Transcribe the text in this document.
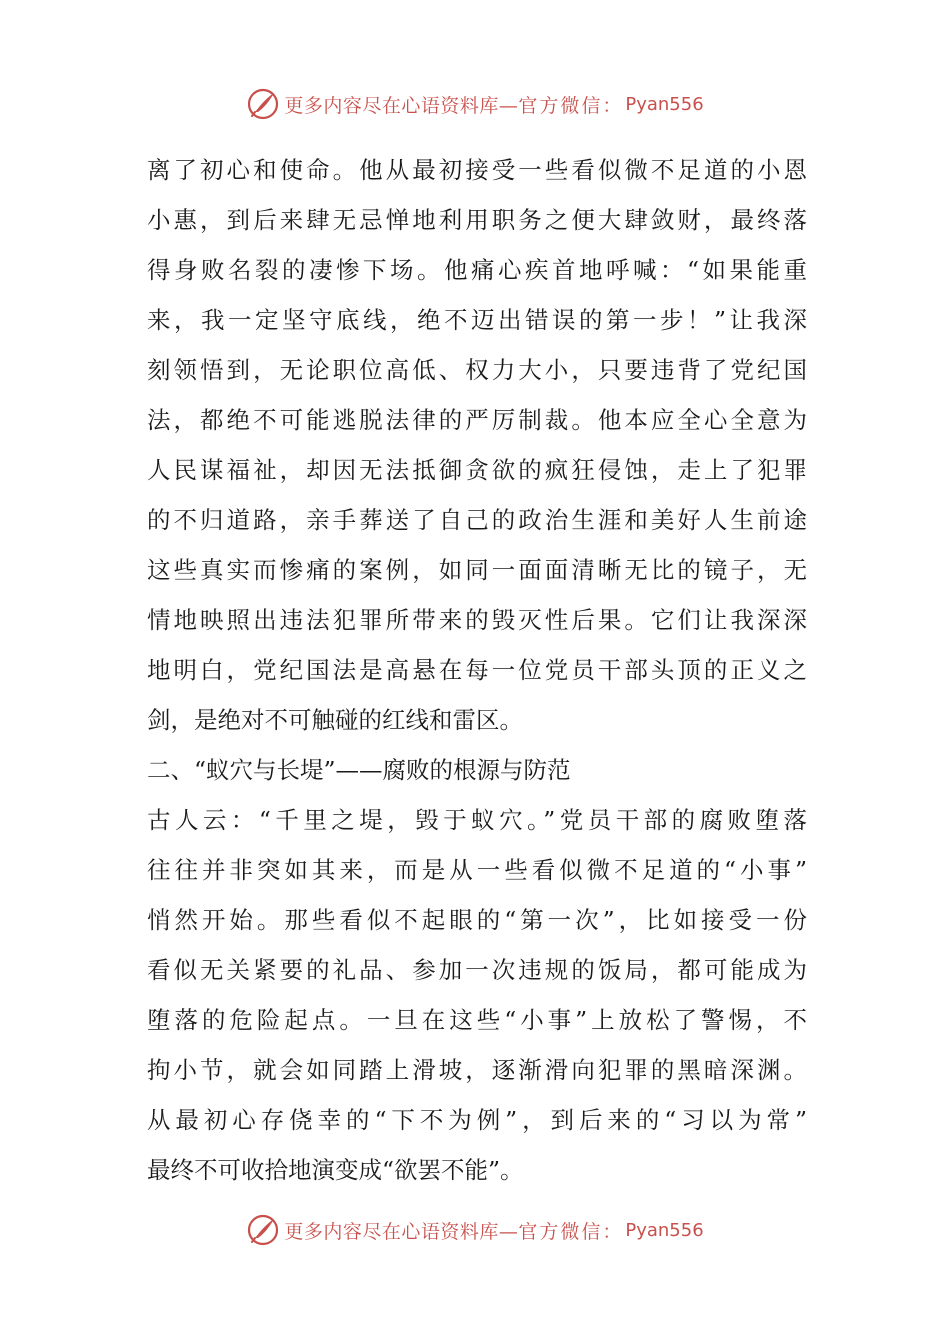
更多内容尽在心语资料库— 官方微信： Pyan556
离了初心和使命。他从最初接受一些看似微不足道的小恩
小惠，到后来肆无忌惮地利用职务之便大肆敛财，最终落
得身败名裂的凄惨下场。他痛心疾首地呼喊：“如果能重
来，我一定坚守底线，绝不迈出错误的第一步！”让我深
刻领悟到，无论职位高低、权力大小，只要违背了党纪国
法，都绝不可能逃脱法律的严厉制裁。他本应全心全意为
人民谋福祉，却因无法抵御贪欲的疯狂侵蚀，走上了犯罪
的不归道路，亲手葬送了自己的政治生涯和美好人生前途
这些真实而惨痛的案例，如同一面面清晰无比的镜子，无
情地映照出违法犯罪所带来的毁灭性后果。它们让我深深
地明白，党纪国法是高悬在每一位党员干部头顶的正义之
剑，是绝对不可触碰的红线和雷区。
二、“蚁穴与长堤”——腐败的根源与防范
古人云：“千里之堤，毁于蚁穴。”党员干部的腐败堕落
往往并非突如其来，而是从一些看似微不足道的“小事”
悄然开始。那些看似不起眼的“第一次”，比如接受一份
看似无关紧要的礼品、参加一次违规的饭局，都可能成为
堕落的危险起点。一旦在这些“小事”上放松了警惕，不
拘小节，就会如同踏上滑坡，逐渐滑向犯罪的黑暗深渊。
从最初心存侥幸的“下不为例”，到后来的“习以为常”
最终不可收拾地演变成“欲罢不能”。
更多内容尽在心语资料库— 官方微信： Pyan556
